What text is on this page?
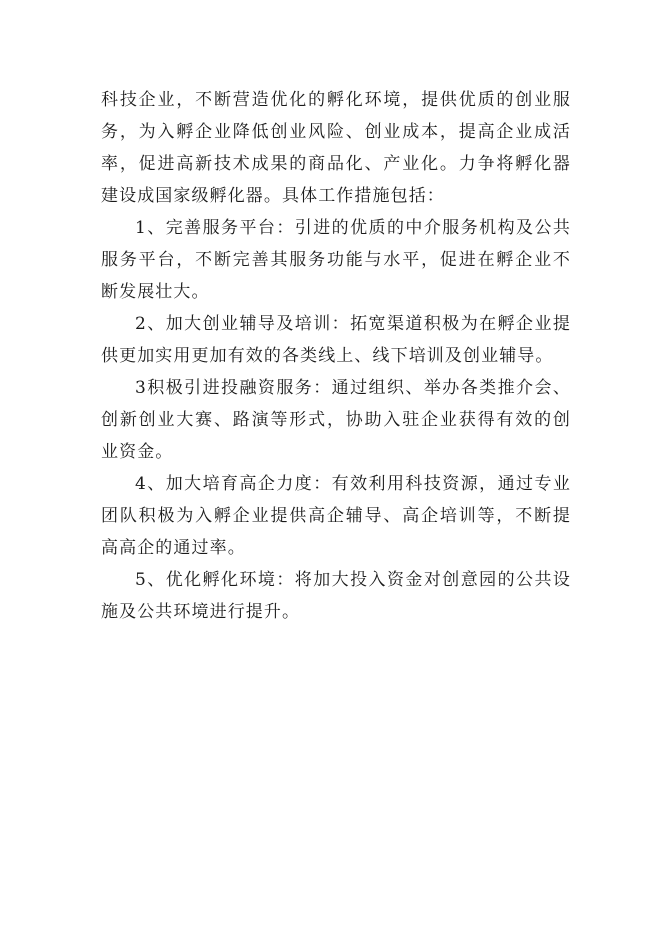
科技企业，不断营造优化的孵化环境，提供优质的创业服务，为入孵企业降低创业风险、创业成本，提高企业成活率，促进高新技术成果的商品化、产业化。力争将孵化器建设成国家级孵化器。具体工作措施包括：

1、完善服务平台：引进的优质的中介服务机构及公共服务平台，不断完善其服务功能与水平，促进在孵企业不断发展壮大。

2、加大创业辅导及培训：拓宽渠道积极为在孵企业提供更加实用更加有效的各类线上、线下培训及创业辅导。

3积极引进投融资服务：通过组织、举办各类推介会、创新创业大赛、路演等形式，协助入驻企业获得有效的创业资金。

4、加大培育高企力度：有效利用科技资源，通过专业团队积极为入孵企业提供高企辅导、高企培训等，不断提高高企的通过率。

5、优化孵化环境：将加大投入资金对创意园的公共设施及公共环境进行提升。
